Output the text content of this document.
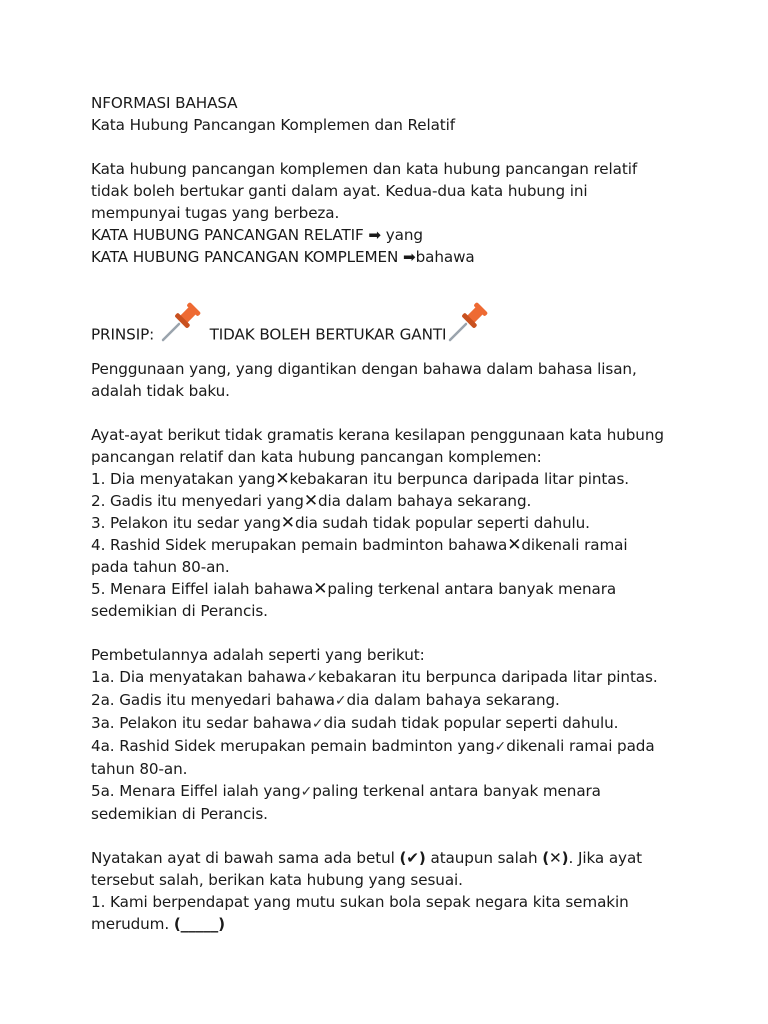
NFORMASI BAHASA
Kata Hubung Pancangan Komplemen dan Relatif
Kata hubung pancangan komplemen dan kata hubung pancangan relatif
tidak boleh bertukar ganti dalam ayat. Kedua-dua kata hubung ini
mempunyai tugas yang berbeza.
KATA HUBUNG PANCANGAN RELATIF ➡ yang
KATA HUBUNG PANCANGAN KOMPLEMEN ➡bahawa
PRINSIP:	TIDAK BOLEH BERTUKAR GANTI
Penggunaan yang, yang digantikan dengan bahawa dalam bahasa lisan,
adalah tidak baku.
Ayat-ayat berikut tidak gramatis kerana kesilapan penggunaan kata hubung
pancangan relatif dan kata hubung pancangan komplemen:
1. Dia menyatakan yang✕kebakaran itu berpunca daripada litar pintas.
2. Gadis itu menyedari yang✕dia dalam bahaya sekarang.
3. Pelakon itu sedar yang✕dia sudah tidak popular seperti dahulu.
4. Rashid Sidek merupakan pemain badminton bahawa✕dikenali ramai
pada tahun 80-an.
5. Menara Eiffel ialah bahawa✕paling terkenal antara banyak menara
sedemikian di Perancis.
Pembetulannya adalah seperti yang berikut:
1a. Dia menyatakan bahawa✓kebakaran itu berpunca daripada litar pintas.
2a. Gadis itu menyedari bahawa✓dia dalam bahaya sekarang.
3a. Pelakon itu sedar bahawa✓dia sudah tidak popular seperti dahulu.
4a. Rashid Sidek merupakan pemain badminton yang✓dikenali ramai pada
tahun 80-an.
5a. Menara Eiffel ialah yang✓paling terkenal antara banyak menara
sedemikian di Perancis.
Nyatakan ayat di bawah sama ada betul (✔) ataupun salah (✕). Jika ayat
tersebut salah, berikan kata hubung yang sesuai.
1. Kami berpendapat yang mutu sukan bola sepak negara kita semakin
merudum. (_____)
